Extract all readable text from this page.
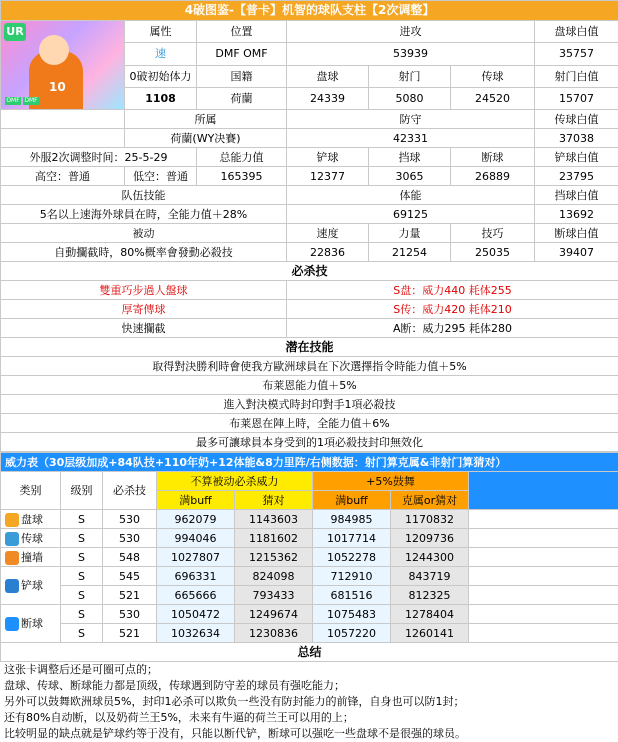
4破图鉴-【普卡】机智的球队支柱【2次调整】						

UR
10
OMF DMF	属性	位置	进攻			盘球白值
	速	DMF OMF	53939			35757
	0破初始体力	国籍	盘球	射门	传球	射门白值
	1108	荷蘭	24339	5080	24520	15707
	所属		防守			传球白值
	荷蘭(WY决賽)		42331			37038
外服2次调整时间：25-5-29		总能力值	铲球	挡球	断球	铲球白值
高空：普通	低空：普通	165395	12377	3065	26889	23795
队伍技能			体能			挡球白值
5名以上速海外球員在時，全能力值＋28%			69125			13692
被动			速度	力量	技巧	断球白值
自動攔截時，80%概率會發動必殺技			22836	21254	25035	39407
必杀技						
雙重巧步過人盤球			S盘：威力440 耗体255			
厚寄傳球			S传：威力420 耗体210			
快速攔截			A断：威力295 耗体280			
潜在技能						
取得對決勝利時會使我方歐洲球員在下次選擇指令時能力值＋5%						
布莱恩能力值＋5%						
進入對決模式時封印對手1項必殺技						
布莱恩在陣上時，全能力值＋6%						
最多可讓球員本身受到的1項必殺技封印無效化						
威力表（30层级加成+84队技+110年奶+12体能&8力里阵/右侧数据：射门算克属&非射门算猜对）							
类别	级别	必杀技	不算被动必杀威力		+5%鼓舞		
			满buff	猜对	满buff	克属or猜对	
盘球	S	530	962079	1143603	984985	1170832	
传球	S	530	994046	1181602	1017714	1209736	
撞墙	S	548	1027807	1215362	1052278	1244300	
铲球	S	545	696331	824098	712910	843719	
	S	521	665666	793433	681516	812325	
断球	S	530	1050472	1249674	1075483	1278404	
	S	521	1032634	1230836	1057220	1260141	
总结							
这张卡调整后还是可圈可点的；
盘球、传球、断球能力都是顶级，传球遇到防守差的球员有强吃能力；
另外可以鼓舞欧洲球员5%，封印1必杀可以欺负一些没有防封能力的前锋，自身也可以防1封；
还有80%自动断，以及奶荷兰王5%，未来有牛逼的荷兰王可以用的上；
比较明显的缺点就是铲球约等于没有，只能以断代铲，断球可以强吃一些盘球不是很强的球员。
